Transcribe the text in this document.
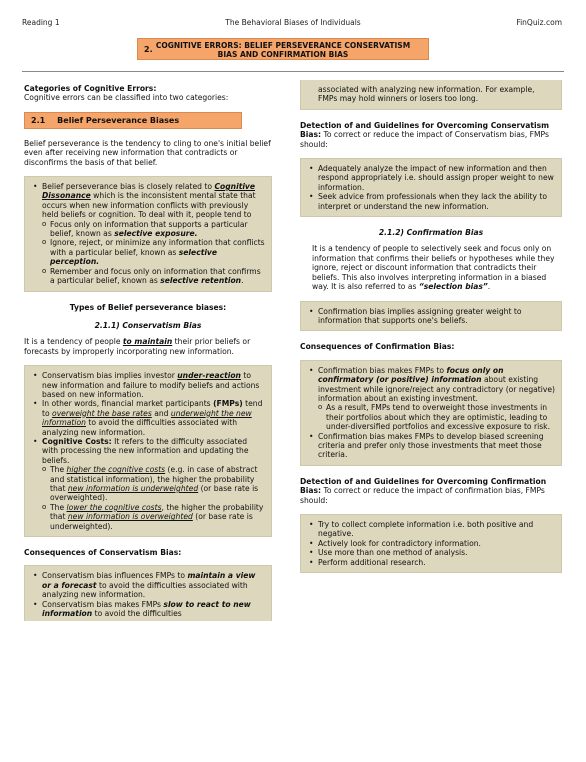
Reading 1	The Behavioral Biases of Individuals	FinQuiz.com
2. COGNITIVE ERRORS: BELIEF PERSEVERANCE CONSERVATISM
BIAS AND CONFIRMATION BIAS
Categories of Cognitive Errors:
Cognitive errors can be classified into two categories:
2.1 Belief Perseverance Biases
Belief perseverance is the tendency to cling to one's initial belief even after receiving new information that contradicts or disconfirms the basis of that belief.
• Belief perseverance bias is closely related to Cognitive Dissonance which is the inconsistent mental state that occurs when new information conflicts with previously held beliefs or cognition. To deal with it, people tend to
o Focus only on information that supports a particular belief, known as selective exposure.
o Ignore, reject, or minimize any information that conflicts with a particular belief, known as selective perception.
o Remember and focus only on information that confirms a particular belief, known as selective retention.
Types of Belief perseverance biases:
2.1.1) Conservatism Bias
It is a tendency of people to maintain their prior beliefs or forecasts by improperly incorporating new information.
• Conservatism bias implies investor under-reaction to new information and failure to modify beliefs and actions based on new information.
• In other words, financial market participants (FMPs) tend to overweight the base rates and underweight the new information to avoid the difficulties associated with analyzing new information.
• Cognitive Costs: It refers to the difficulty associated with processing the new information and updating the beliefs.
o The higher the cognitive costs (e.g. in case of abstract and statistical information), the higher the probability that new information is underweighted (or base rate is overweighted).
o The lower the cognitive costs, the higher the probability that new information is overweighted (or base rate is underweighted).
Consequences of Conservatism Bias:
• Conservatism bias influences FMPs to maintain a view or a forecast to avoid the difficulties associated with analyzing new information.
• Conservatism bias makes FMPs slow to react to new information to avoid the difficulties
associated with analyzing new information. For example, FMPs may hold winners or losers too long.
Detection of and Guidelines for Overcoming Conservatism Bias: To correct or reduce the impact of Conservatism bias, FMPs should:
• Adequately analyze the impact of new information and then respond appropriately i.e. should assign proper weight to new information.
• Seek advice from professionals when they lack the ability to interpret or understand the new information.
2.1.2) Confirmation Bias
It is a tendency of people to selectively seek and focus only on information that confirms their beliefs or hypotheses while they ignore, reject or discount information that contradicts their beliefs. This also involves interpreting information in a biased way. It is also referred to as “selection bias”.
• Confirmation bias implies assigning greater weight to information that supports one's beliefs.
Consequences of Confirmation Bias:
• Confirmation bias makes FMPs to focus only on confirmatory (or positive) information about existing investment while ignore/reject any contradictory (or negative) information about an existing investment.
o As a result, FMPs tend to overweight those investments in their portfolios about which they are optimistic, leading to under-diversified portfolios and excessive exposure to risk.
• Confirmation bias makes FMPs to develop biased screening criteria and prefer only those investments that meet those criteria.
Detection of and Guidelines for Overcoming Confirmation Bias: To correct or reduce the impact of confirmation bias, FMPs should:
• Try to collect complete information i.e. both positive and negative.
• Actively look for contradictory information.
• Use more than one method of analysis.
• Perform additional research.
